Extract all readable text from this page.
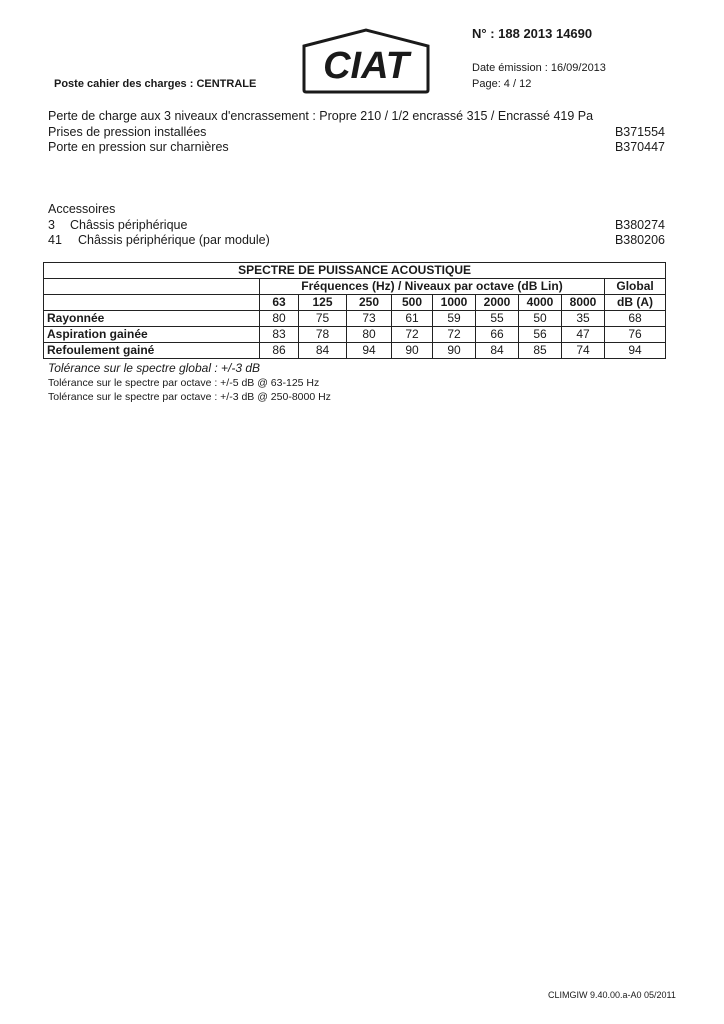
Poste cahier des charges : CENTRALE CIAT
N° : 188 2013 14690
Date émission : 16/09/2013
Page: 4 / 12
Perte de charge aux 3 niveaux d'encrassement : Propre 210 / 1/2 encrassé 315 / Encrassé 419 Pa
Prises de pression installées	B371554
Porte en pression sur charnières	B370447
Accessoires
3 Châssis périphérique	B380274
41 Châssis périphérique (par module)	B380206
SPECTRE DE PUISSANCE ACOUSTIQUE									
	Fréquences (Hz) / Niveaux par octave (dB Lin)								Global
	63	125	250	500	1000	2000	4000	8000	dB (A)
Rayonnée	80	75	73	61	59	55	50	35	68
Aspiration gainée	83	78	80	72	72	66	56	47	76
Refoulement gainé	86	84	94	90	90	84	85	74	94
Tolérance sur le spectre global : +/-3 dB
Tolérance sur le spectre par octave : +/-5 dB @ 63-125 Hz
Tolérance sur le spectre par octave : +/-3 dB @ 250-8000 Hz
CLIMGIW 9.40.00.a-A0 05/2011
